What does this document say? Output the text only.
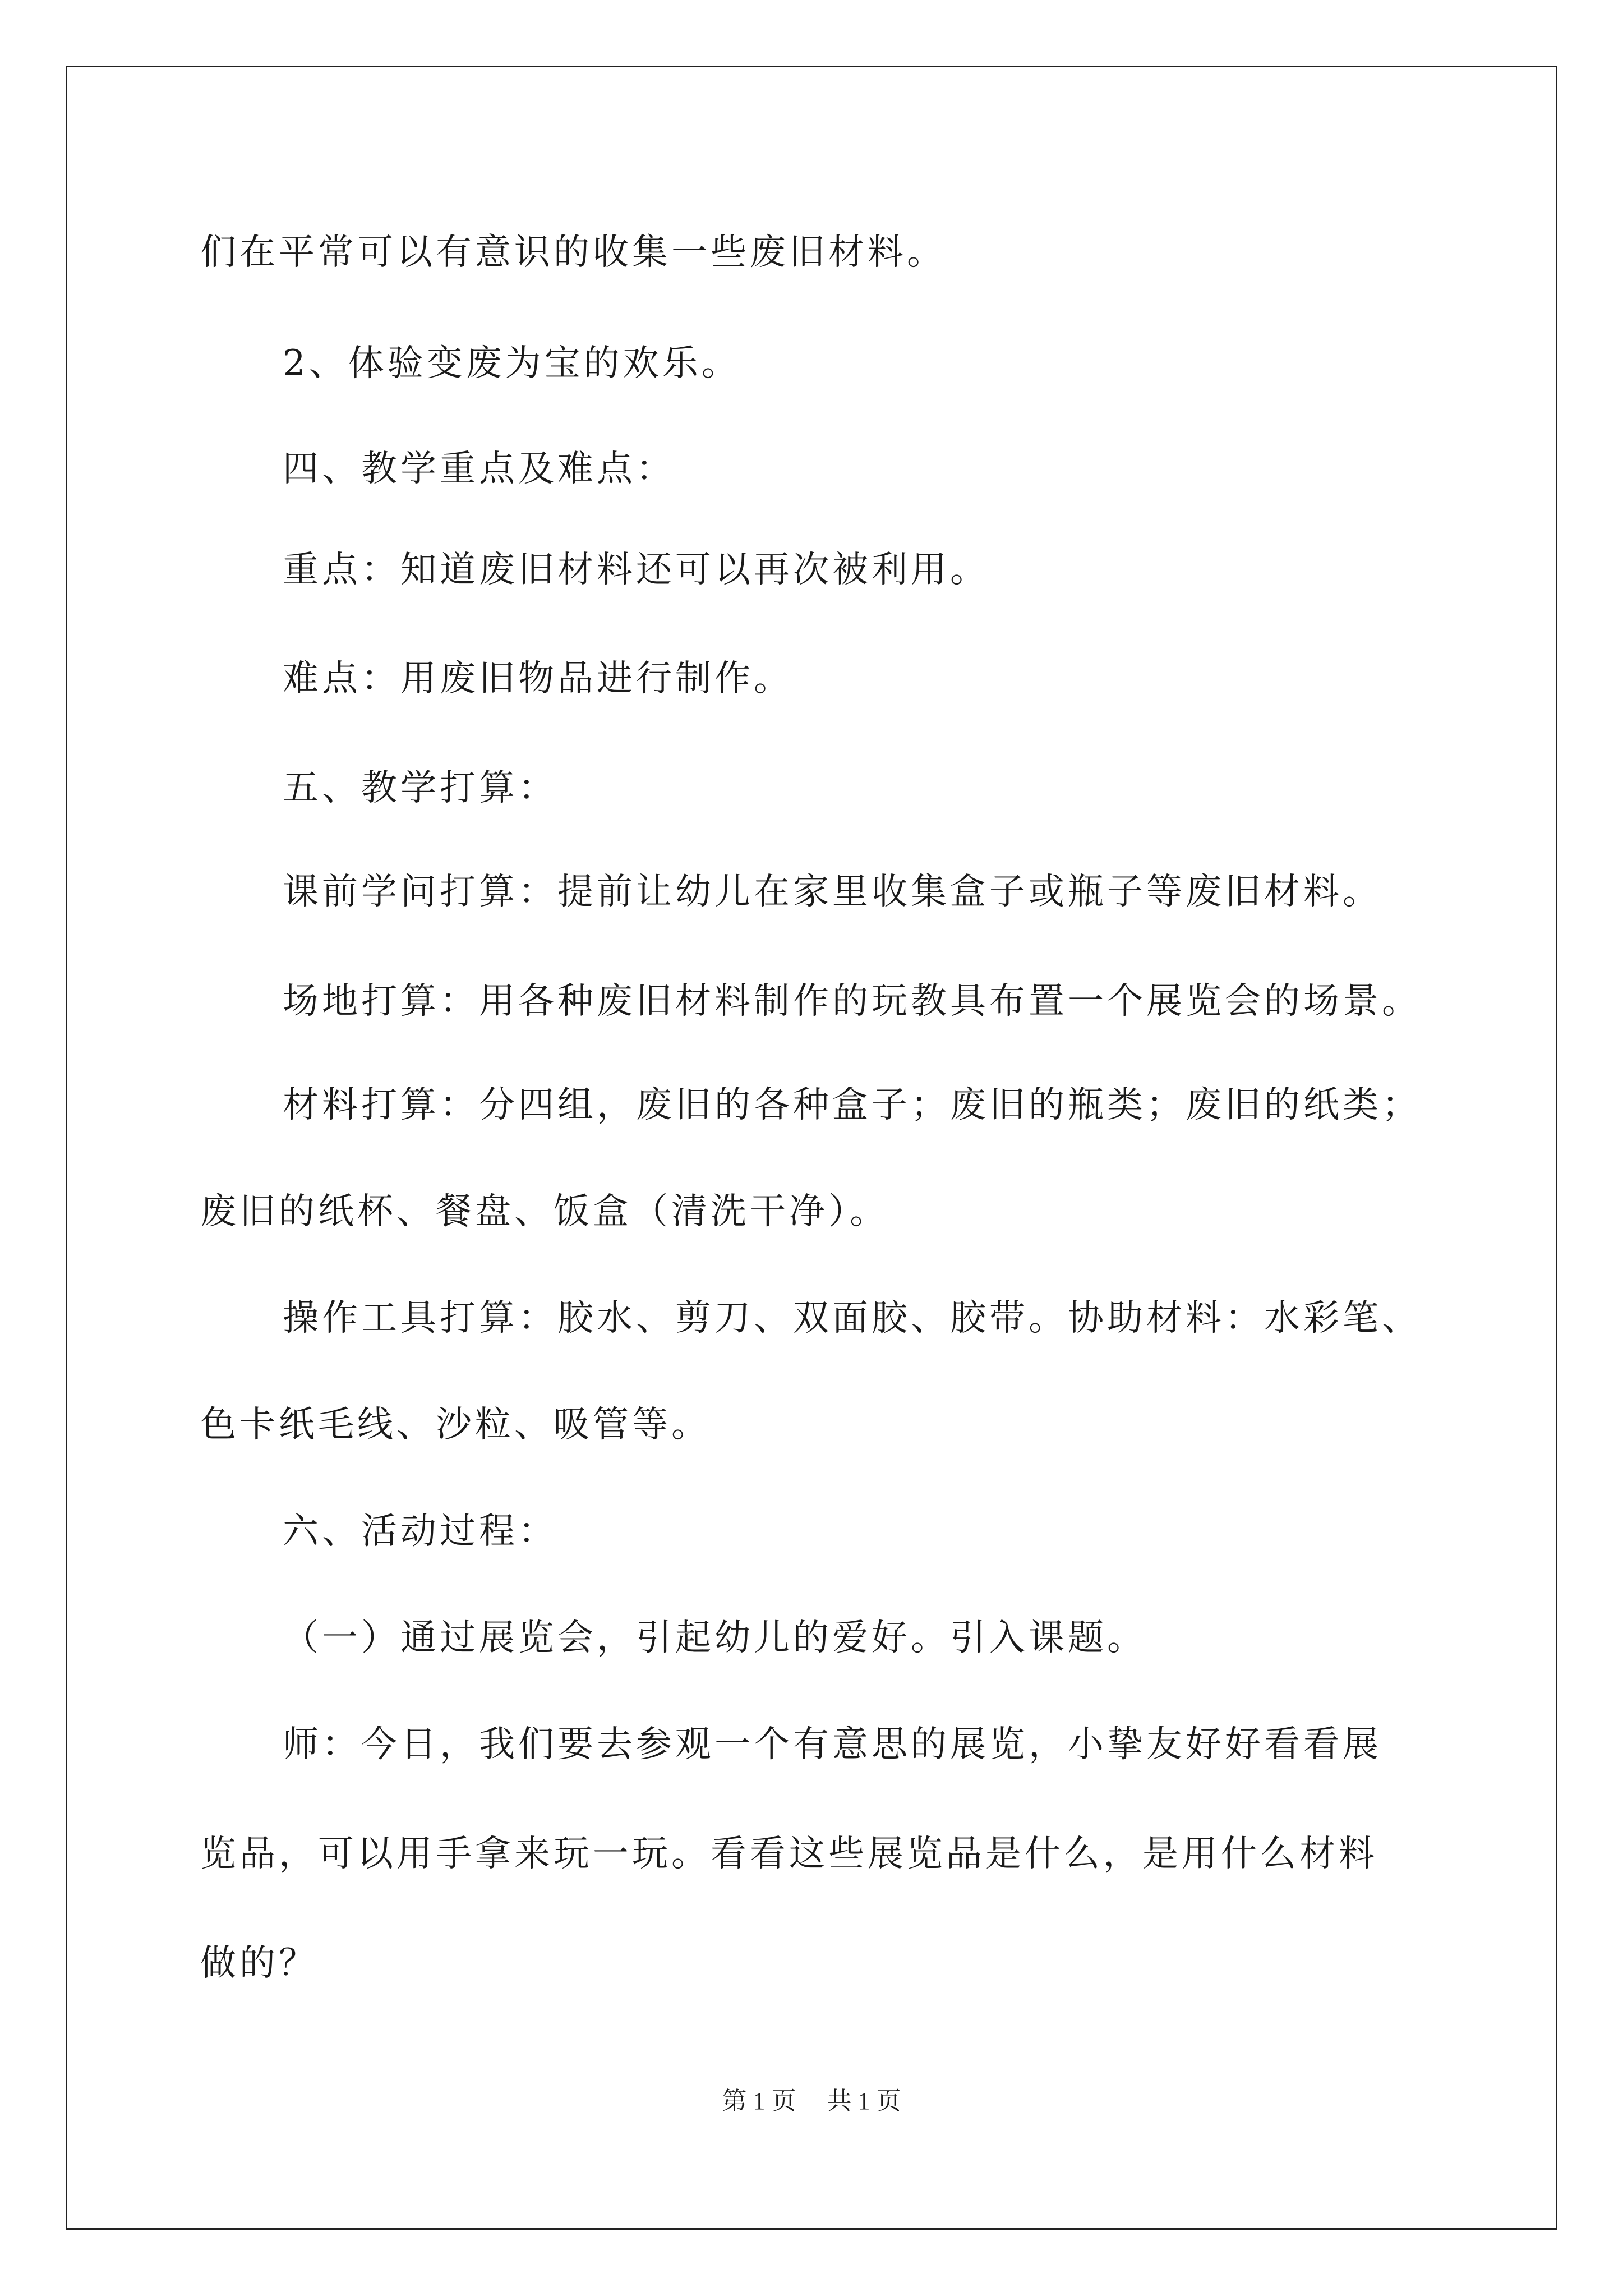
们在平常可以有意识的收集一些废旧材料。
2、体验变废为宝的欢乐。
四、教学重点及难点：
重点：知道废旧材料还可以再次被利用。
难点：用废旧物品进行制作。
五、教学打算：
课前学问打算：提前让幼儿在家里收集盒子或瓶子等废旧材料。
场地打算：用各种废旧材料制作的玩教具布置一个展览会的场景。
材料打算：分四组，废旧的各种盒子；废旧的瓶类；废旧的纸类；
废旧的纸杯、餐盘、饭盒（清洗干净）。
操作工具打算：胶水、剪刀、双面胶、胶带。协助材料：水彩笔、
色卡纸毛线、沙粒、吸管等。
六、活动过程：
（一）通过展览会，引起幼儿的爱好。引入课题。
师：今日，我们要去参观一个有意思的展览，小挚友好好看看展
览品，可以用手拿来玩一玩。看看这些展览品是什么，是用什么材料
做的？
第 1 页　 共 1 页
